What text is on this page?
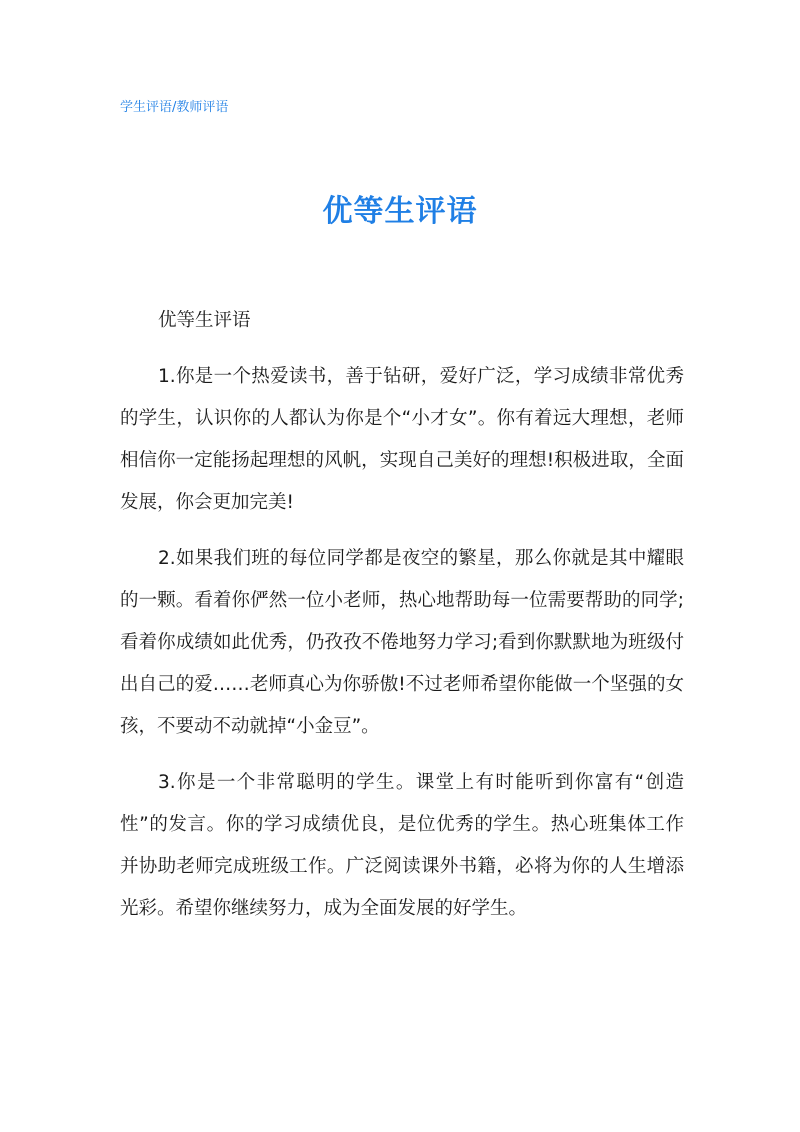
学生评语/教师评语
优等生评语

优等生评语

1.你是一个热爱读书，善于钻研，爱好广泛，学习成绩非常优秀的学生，认识你的人都认为你是个“小才女”。你有着远大理想，老师相信你一定能扬起理想的风帆，实现自己美好的理想!积极进取，全面发展，你会更加完美!

2.如果我们班的每位同学都是夜空的繁星，那么你就是其中耀眼的一颗。看着你俨然一位小老师，热心地帮助每一位需要帮助的同学;看着你成绩如此优秀，仍孜孜不倦地努力学习;看到你默默地为班级付出自己的爱……老师真心为你骄傲!不过老师希望你能做一个坚强的女孩，不要动不动就掉“小金豆”。

3.你是一个非常聪明的学生。课堂上有时能听到你富有“创造性”的发言。你的学习成绩优良，是位优秀的学生。热心班集体工作并协助老师完成班级工作。广泛阅读课外书籍，必将为你的人生增添光彩。希望你继续努力，成为全面发展的好学生。
